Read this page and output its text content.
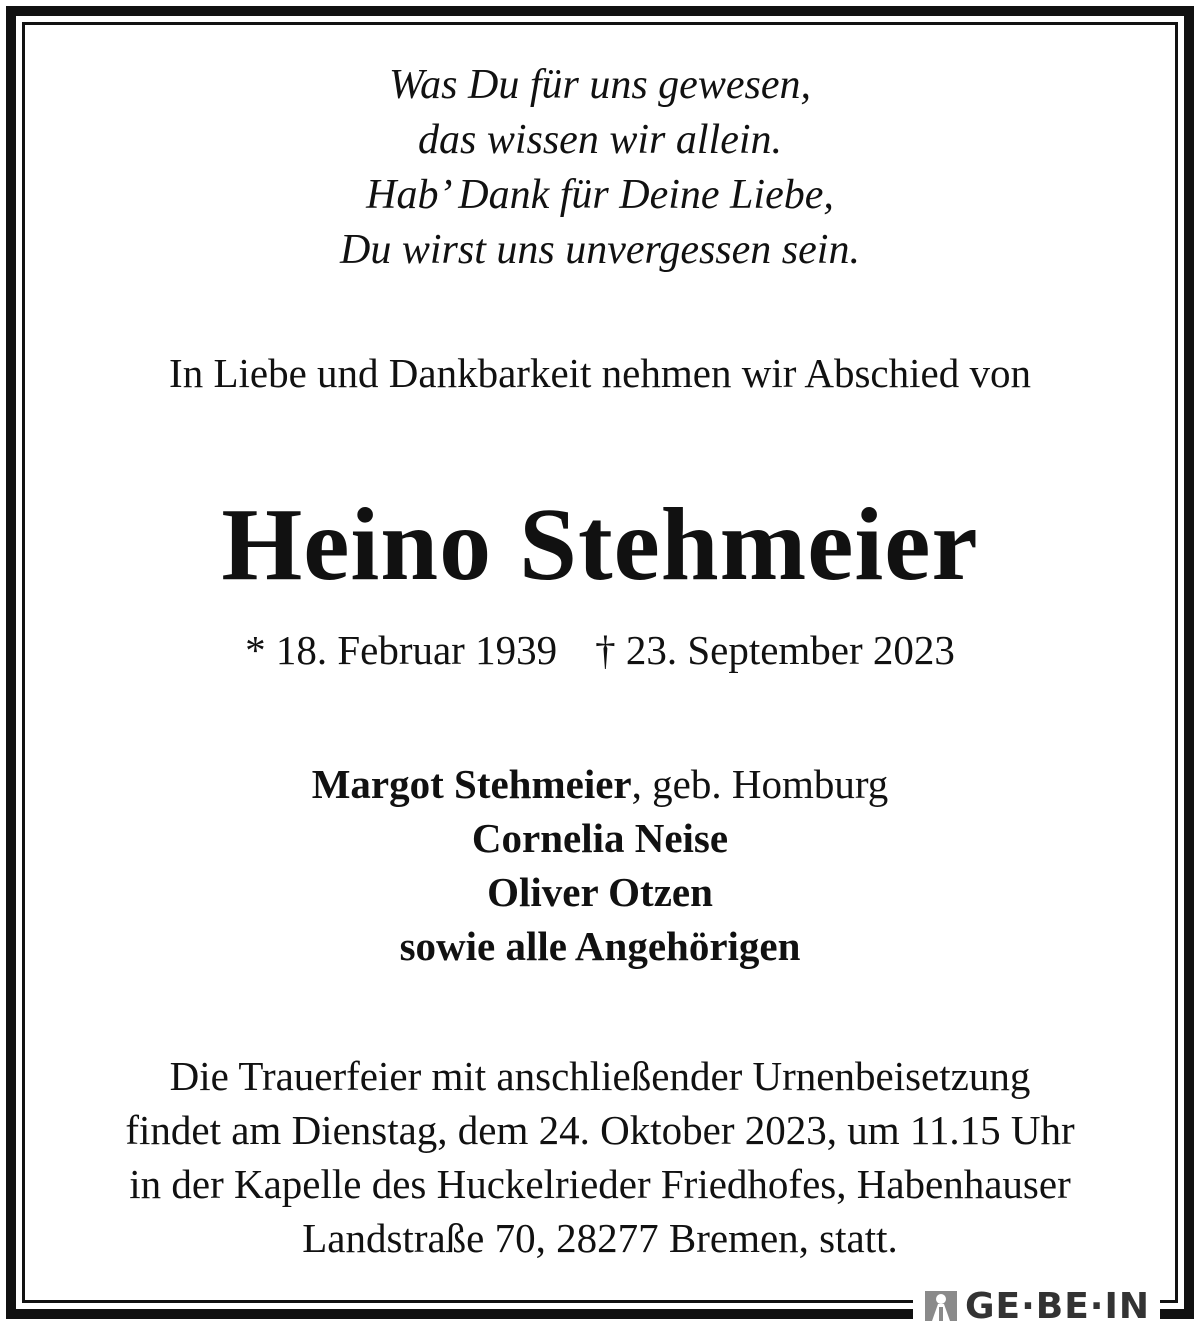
Was Du für uns gewesen,
das wissen wir allein.
Hab’ Dank für Deine Liebe,
Du wirst uns unvergessen sein.
In Liebe und Dankbarkeit nehmen wir Abschied von
Heino Stehmeier
* 18. Februar 1939 † 23. September 2023
Margot Stehmeier, geb. Homburg
Cornelia Neise
Oliver Otzen
sowie alle Angehörigen
Die Trauerfeier mit anschließender Urnenbeisetzung
findet am Dienstag, dem 24. Oktober 2023, um 11.15 Uhr
in der Kapelle des Huckelrieder Friedhofes, Habenhauser
Landstraße 70, 28277 Bremen, statt.
GE·BE·IN
